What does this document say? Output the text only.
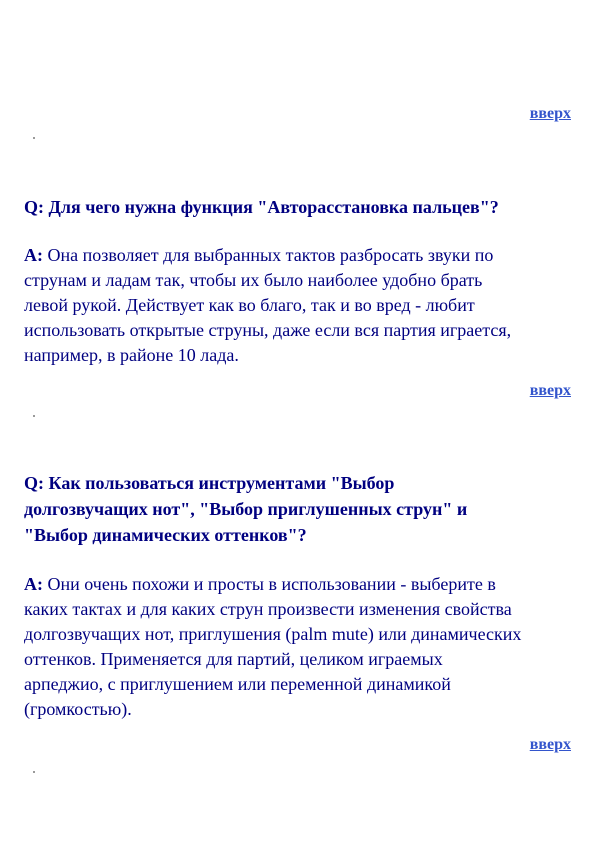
вверх
Q: Для чего нужна функция "Авторасстановка пальцев"?
A: Она позволяет для выбранных тактов разбросать звуки по
струнам и ладам так, чтобы их было наиболее удобно брать
левой рукой. Действует как во благо, так и во вред - любит
использовать открытые струны, даже если вся партия играется,
например, в районе 10 лада.
вверх
Q: Как пользоваться инструментами "Выбор
долгозвучащих нот", "Выбор приглушенных струн" и
"Выбор динамических оттенков"?
A: Они очень похожи и просты в использовании - выберите в
каких тактах и для каких струн произвести изменения свойства
долгозвучащих нот, приглушения (palm mute) или динамических
оттенков. Применяется для партий, целиком играемых
арпеджио, с приглушением или переменной динамикой
(громкостью).
вверх
